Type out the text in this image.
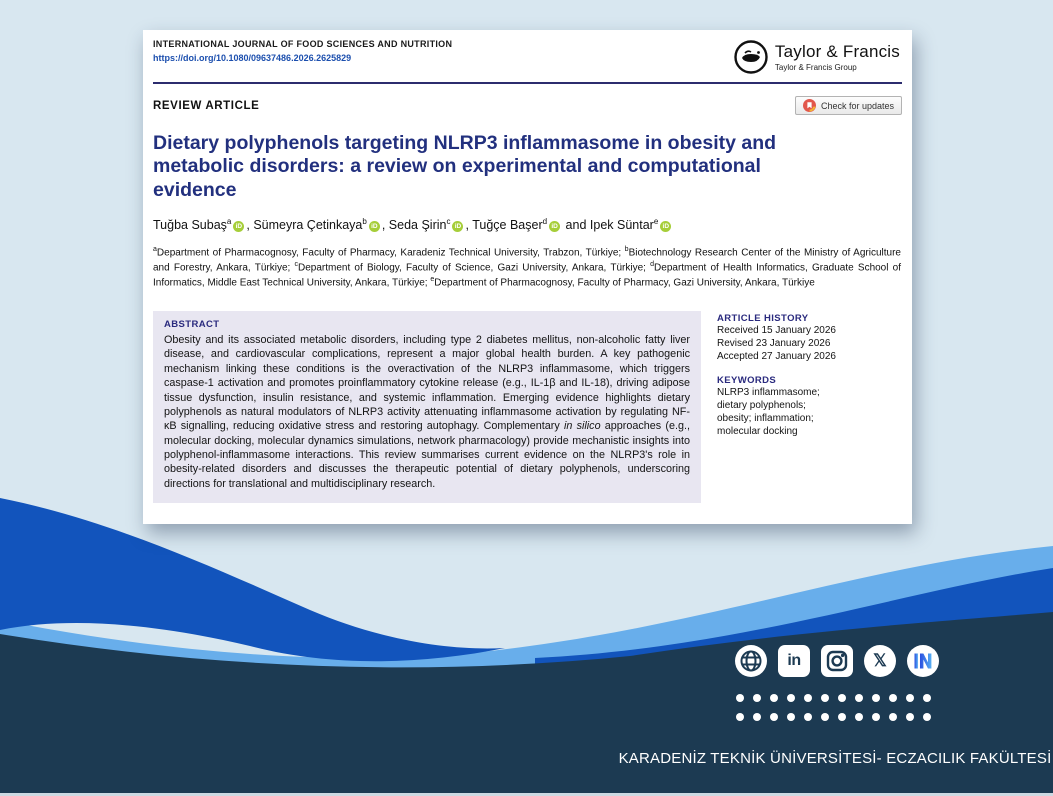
INTERNATIONAL JOURNAL OF FOOD SCIENCES AND NUTRITION
https://doi.org/10.1080/09637486.2026.2625829	Taylor & Francis
Taylor & Francis Group
REVIEW ARTICLE	Check for updates
Dietary polyphenols targeting NLRP3 inflammasome in obesity and metabolic disorders: a review on experimental and computational evidence
Tuğba Subaş$^a$iD , Sümeyra Çetinkaya$^b$iD , Seda Şirin$^c$iD , Tuğçe Başer$^d$iD and Ipek Süntar$^e$iD
$^a$Department of Pharmacognosy, Faculty of Pharmacy, Karadeniz Technical University, Trabzon, Türkiye; $^b$Biotechnology Research Center of the Ministry of Agriculture and Forestry, Ankara, Türkiye; $^c$Department of Biology, Faculty of Science, Gazi University, Ankara, Türkiye; $^d$Department of Health Informatics, Graduate School of Informatics, Middle East Technical University, Ankara, Türkiye; $^e$Department of Pharmacognosy, Faculty of Pharmacy, Gazi University, Ankara, Türkiye
ABSTRACT
Obesity and its associated metabolic disorders, including type 2 diabetes mellitus, non-alcoholic fatty liver disease, and cardiovascular complications, represent a major global health burden. A key pathogenic mechanism linking these conditions is the overactivation of the NLRP3 inflammasome, which triggers caspase-1 activation and promotes proinflammatory cytokine release (e.g., IL-1β and IL-18), driving adipose tissue dysfunction, insulin resistance, and systemic inflammation. Emerging evidence highlights dietary polyphenols as natural modulators of NLRP3 activity attenuating inflammasome activation by regulating NF-κB signalling, reducing oxidative stress and restoring autophagy. Complementary in silico approaches (e.g., molecular docking, molecular dynamics simulations, network pharmacology) provide mechanistic insights into polyphenol-inflammasome interactions. This review summarises current evidence on the NLRP3's role in obesity-related disorders and discusses the therapeutic potential of dietary polyphenols, underscoring directions for translational and multidisciplinary research.
ARTICLE HISTORY
Received 15 January 2026
Revised 23 January 2026
Accepted 27 January 2026
KEYWORDS
NLRP3 inflammasome;
dietary polyphenols;
obesity; inflammation;
molecular docking
in	𝕏
KARADENİZ TEKNİK ÜNİVERSİTESİ- ECZACILIK FAKÜLTESİ
